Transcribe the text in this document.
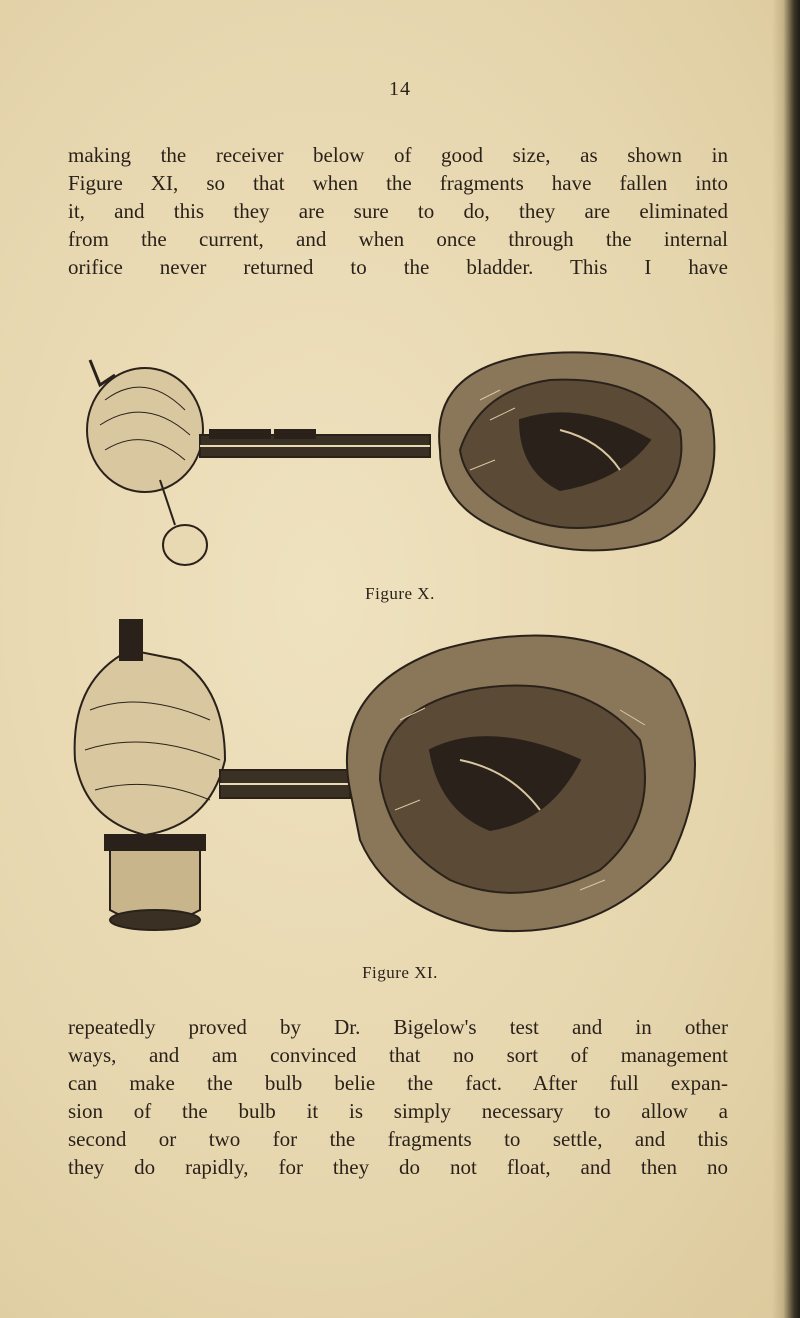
14

making the receiver below of good size, as shown in
Figure XI, so that when the fragments have fallen into
it, and this they are sure to do, they are eliminated
from the current, and when once through the internal
orifice never returned to the bladder. This I have

Figure X.
Figure XI.

repeatedly proved by Dr. Bigelow's test and in other
ways, and am convinced that no sort of management
can make the bulb belie the fact. After full expan-
sion of the bulb it is simply necessary to allow a
second or two for the fragments to settle, and this
they do rapidly, for they do not float, and then no
